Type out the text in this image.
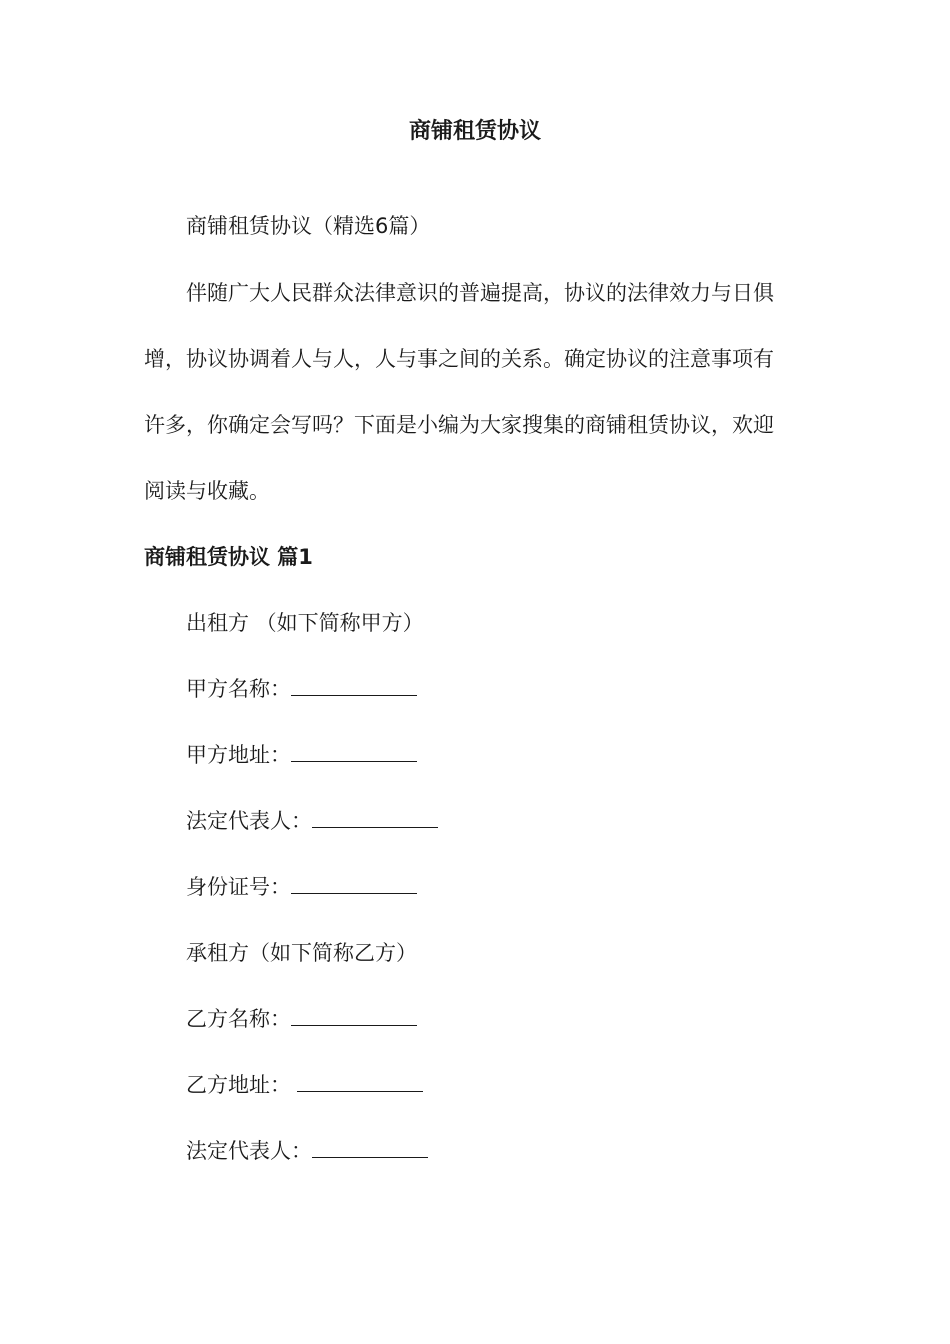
商铺租赁协议

商铺租赁协议（精选6篇）

伴随广大人民群众法律意识的普遍提高，协议的法律效力与日俱

增，协议协调着人与人，人与事之间的关系。确定协议的注意事项有

许多，你确定会写吗？下面是小编为大家搜集的商铺租赁协议，欢迎

阅读与收藏。

商铺租赁协议 篇1

出租方 （如下简称甲方）

甲方名称：

甲方地址：

法定代表人：

身份证号：

承租方（如下简称乙方）

乙方名称：

乙方地址：

法定代表人：
